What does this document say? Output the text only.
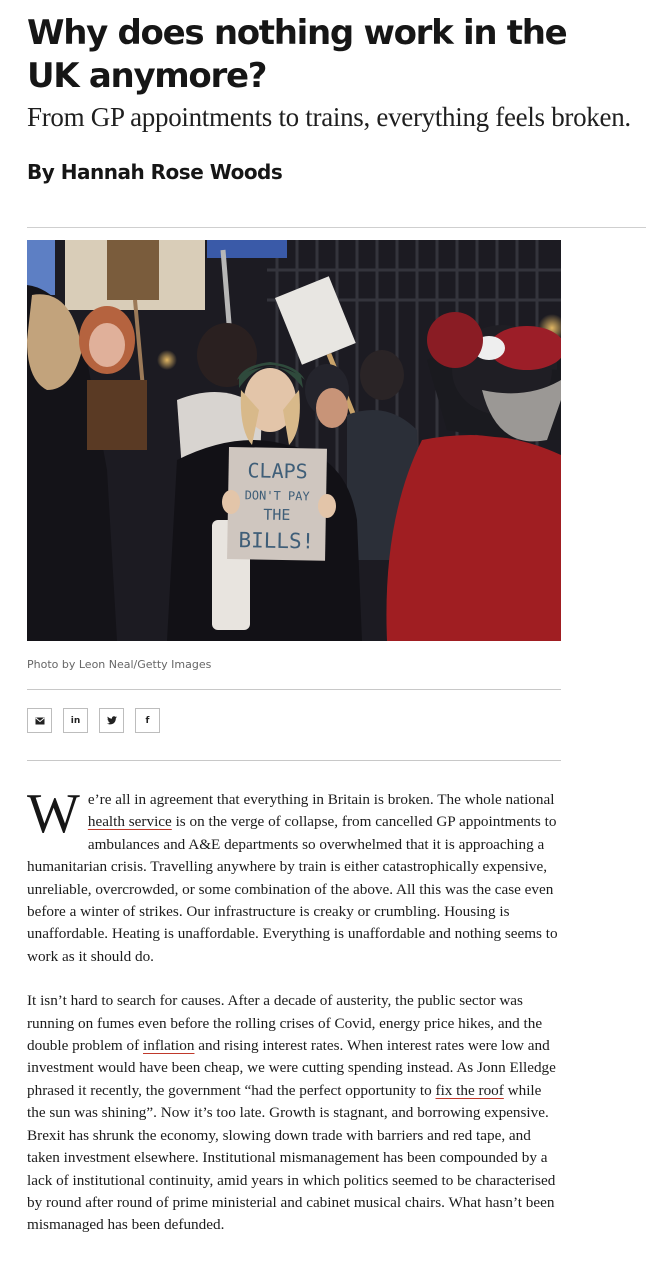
Why does nothing work in the UK anymore?
From GP appointments to trains, everything feels broken.
By Hannah Rose Woods
CLAPS
DON'T PAY
THE
BILLS!
Photo by Leon Neal/Getty Images
in	f

We’re all in agreement that everything in Britain is broken. The whole national health service is on the verge of collapse, from cancelled GP appointments to ambulances and A&E departments so overwhelmed that it is approaching a humanitarian crisis. Travelling anywhere by train is either catastrophically expensive, unreliable, overcrowded, or some combination of the above. All this was the case even before a winter of strikes. Our infrastructure is creaky or crumbling. Housing is unaffordable. Heating is unaffordable. Everything is unaffordable and nothing seems to work as it should do.

It isn’t hard to search for causes. After a decade of austerity, the public sector was running on fumes even before the rolling crises of Covid, energy price hikes, and the double problem of inflation and rising interest rates. When interest rates were low and investment would have been cheap, we were cutting spending instead. As Jonn Elledge phrased it recently, the government “had the perfect opportunity to fix the roof while the sun was shining”. Now it’s too late. Growth is stagnant, and borrowing expensive. Brexit has shrunk the economy, slowing down trade with barriers and red tape, and taken investment elsewhere. Institutional mismanagement has been compounded by a lack of institutional continuity, amid years in which politics seemed to be characterised by round after round of prime ministerial and cabinet musical chairs. What hasn’t been mismanaged has been defunded.
